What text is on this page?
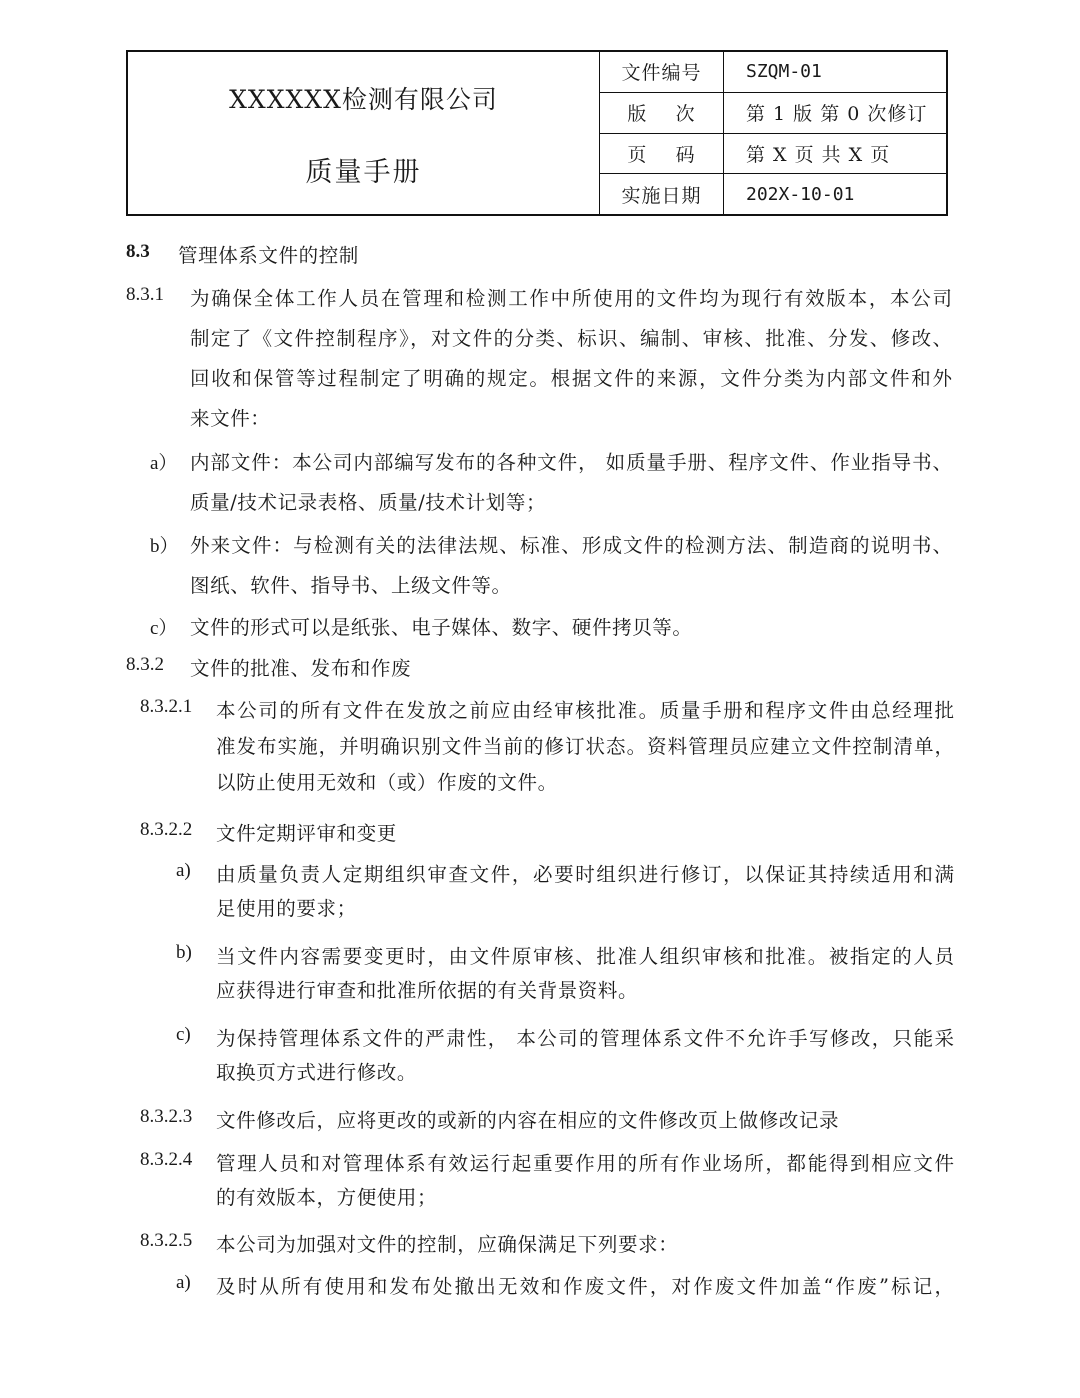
XXXXXX检测有限公司
质量手册
文件编号	SZQM-01
版    次	第 1 版 第 0 次修订
页    码	第 X 页 共 X 页
实施日期	202X-10-01
8.3 管理体系文件的控制
8.3.1 为确保全体工作人员在管理和检测工作中所使用的文件均为现行有效版本，本公司
制定了《文件控制程序》，对文件的分类、标识、编制、审核、批准、分发、修改、
回收和保管等过程制定了明确的规定。根据文件的来源，文件分类为内部文件和外
来文件：
a） 内部文件：本公司内部编写发布的各种文件， 如质量手册、程序文件、作业指导书、
质量/技术记录表格、质量/技术计划等；
b） 外来文件：与检测有关的法律法规、标准、形成文件的检测方法、制造商的说明书、
图纸、软件、指导书、上级文件等。
c） 文件的形式可以是纸张、电子媒体、数字、硬件拷贝等。
8.3.2 文件的批准、发布和作废
8.3.2.1 本公司的所有文件在发放之前应由经审核批准。质量手册和程序文件由总经理批
准发布实施，并明确识别文件当前的修订状态。资料管理员应建立文件控制清单，
以防止使用无效和（或）作废的文件。
8.3.2.2 文件定期评审和变更
a) 由质量负责人定期组织审查文件，必要时组织进行修订，以保证其持续适用和满
足使用的要求；
b) 当文件内容需要变更时，由文件原审核、批准人组织审核和批准。被指定的人员
应获得进行审查和批准所依据的有关背景资料。
c) 为保持管理体系文件的严肃性， 本公司的管理体系文件不允许手写修改，只能采
取换页方式进行修改。
8.3.2.3 文件修改后，应将更改的或新的内容在相应的文件修改页上做修改记录
8.3.2.4 管理人员和对管理体系有效运行起重要作用的所有作业场所，都能得到相应文件
的有效版本，方便使用；
8.3.2.5 本公司为加强对文件的控制，应确保满足下列要求：
a) 及时从所有使用和发布处撤出无效和作废文件，对作废文件加盖“作废”标记，
